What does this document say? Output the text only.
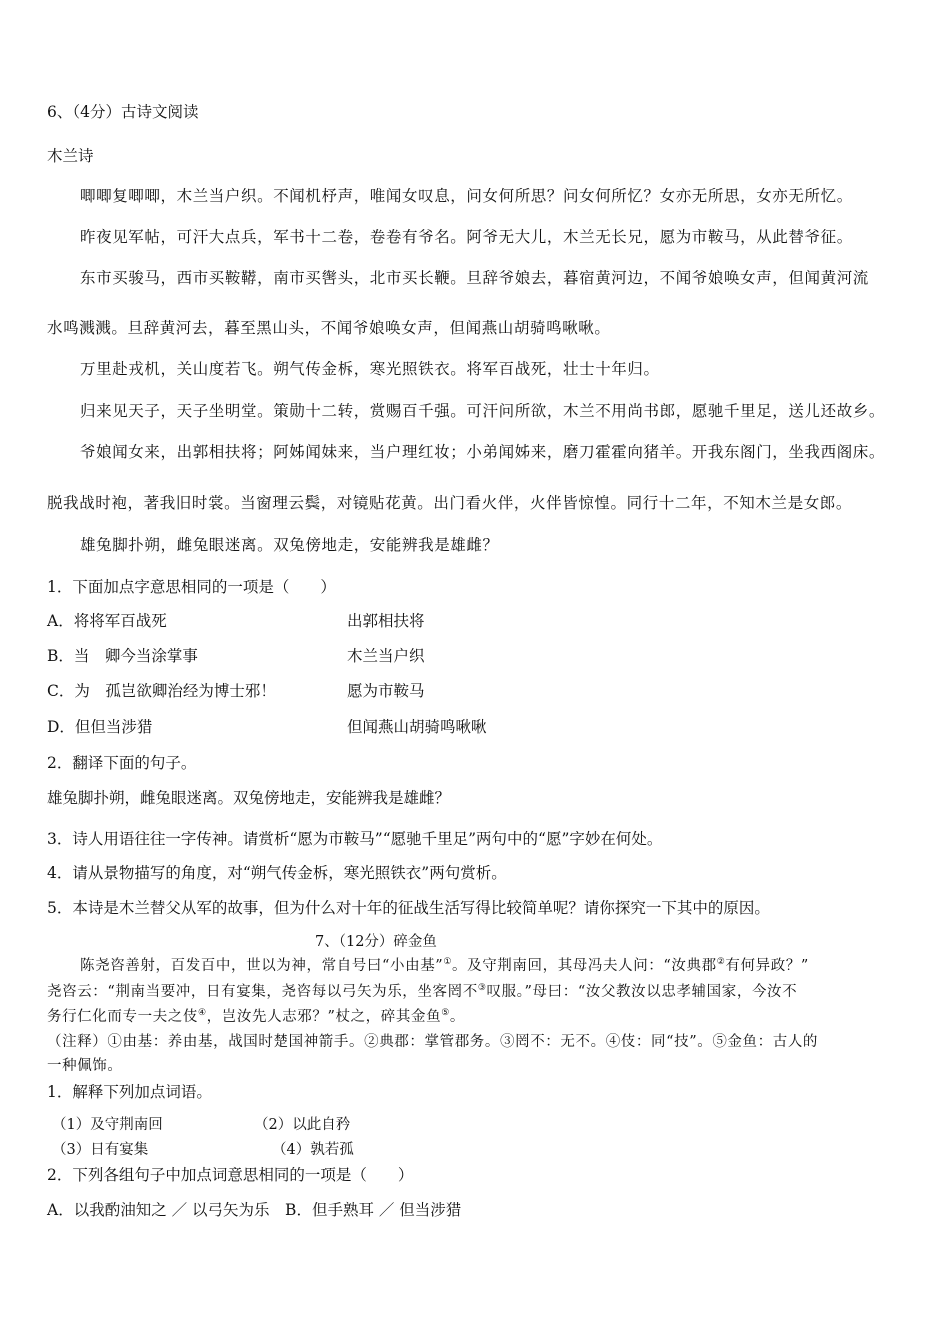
6、（4分）古诗文阅读
木兰诗
唧唧复唧唧，木兰当户织。不闻机杼声，唯闻女叹息，问女何所思？问女何所忆？女亦无所思，女亦无所忆。
昨夜见军帖，可汗大点兵，军书十二卷，卷卷有爷名。阿爷无大儿，木兰无长兄，愿为市鞍马，从此替爷征。
东市买骏马，西市买鞍鞯，南市买辔头，北市买长鞭。旦辞爷娘去，暮宿黄河边，不闻爷娘唤女声，但闻黄河流
水鸣溅溅。旦辞黄河去，暮至黑山头，不闻爷娘唤女声，但闻燕山胡骑鸣啾啾。
万里赴戎机，关山度若飞。朔气传金柝，寒光照铁衣。将军百战死，壮士十年归。
归来见天子，天子坐明堂。策勋十二转，赏赐百千强。可汗问所欲，木兰不用尚书郎，愿驰千里足，送儿还故乡。
爷娘闻女来，出郭相扶将；阿姊闻妹来，当户理红妆；小弟闻姊来，磨刀霍霍向猪羊。开我东阁门，坐我西阁床。
脱我战时袍，著我旧时裳。当窗理云鬓，对镜贴花黄。出门看火伴，火伴皆惊惶。同行十二年，不知木兰是女郎。
雄兔脚扑朔，雌兔眼迷离。双兔傍地走，安能辨我是雄雌？
1．下面加点字意思相同的一项是（　　）
A．将将军百战死	出郭相扶将
B．当　卿今当涂掌事	木兰当户织
C．为　孤岂欲卿治经为博士邪！	愿为市鞍马
D．但但当涉猎	但闻燕山胡骑鸣啾啾
2．翻译下面的句子。
雄兔脚扑朔，雌兔眼迷离。双兔傍地走，安能辨我是雄雌？
3．诗人用语往往一字传神。请赏析“愿为市鞍马”“愿驰千里足”两句中的“愿”字妙在何处。
4．请从景物描写的角度，对“朔气传金柝，寒光照铁衣”两句赏析。
5．本诗是木兰替父从军的故事，但为什么对十年的征战生活写得比较简单呢？请你探究一下其中的原因。
7、（12分）碎金鱼
陈尧咨善射，百发百中，世以为神，常自号曰“小由基”①。及守荆南回，其母冯夫人问：“汝典郡②有何异政？”
尧咨云：“荆南当要冲，日有宴集，尧咨每以弓矢为乐，坐客罔不③叹服。”母曰：“汝父教汝以忠孝辅国家，今汝不
务行仁化而专一夫之伎④，岂汝先人志邪？”杖之，碎其金鱼⑤。
（注释）①由基：养由基，战国时楚国神箭手。②典郡：掌管郡务。③罔不：无不。④伎：同“技”。⑤金鱼：古人的
一种佩饰。
1．解释下列加点词语。
（1）及守荆南回	（2）以此自矜
（3）日有宴集	（4）孰若孤
2．下列各组句子中加点词意思相同的一项是（　　）
A．以我酌油知之 ／ 以弓矢为乐　B．但手熟耳 ／ 但当涉猎
